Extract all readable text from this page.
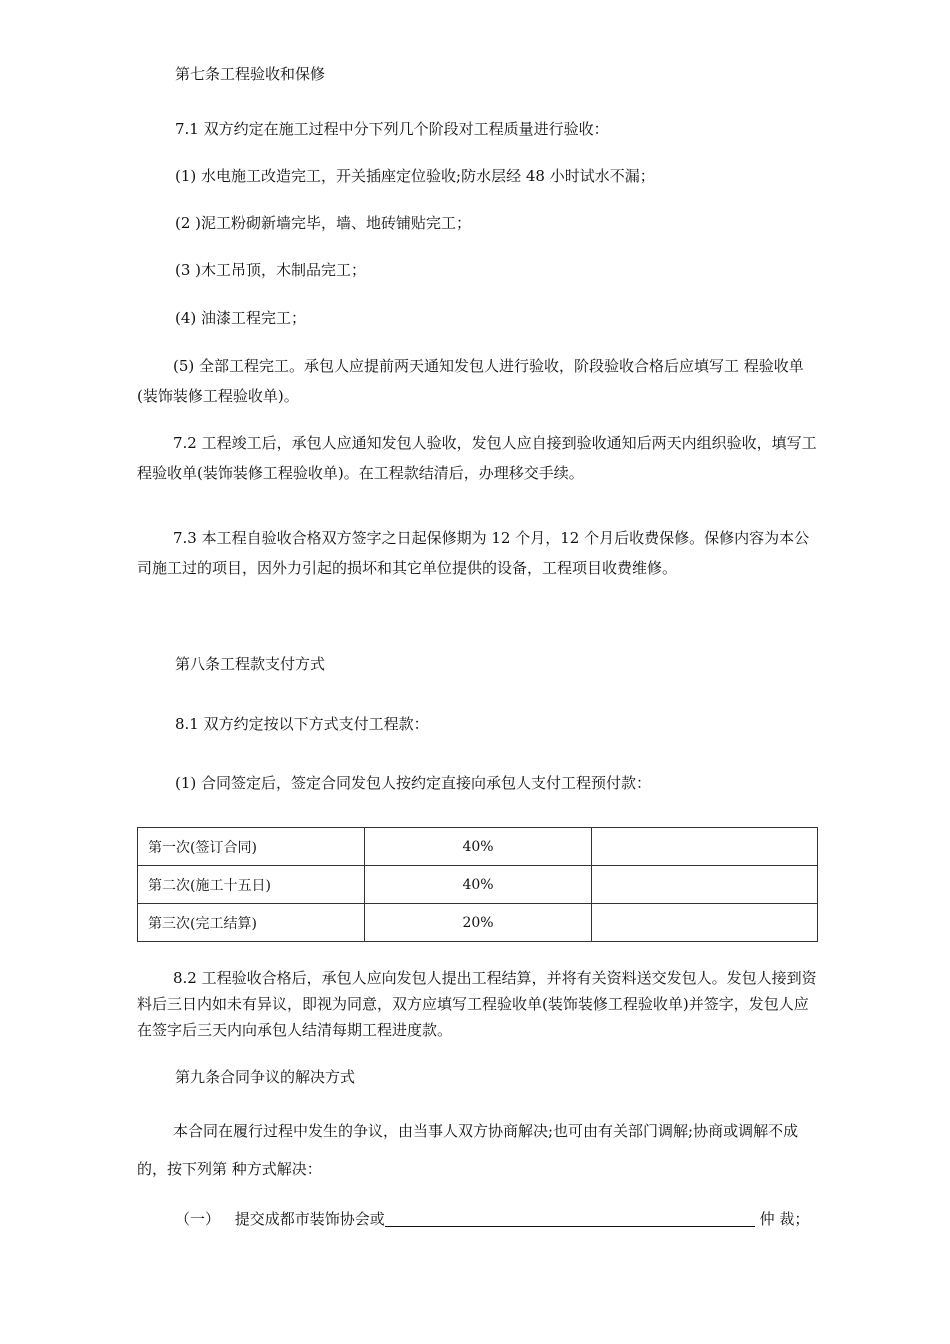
第七条工程验收和保修
7.1 双方约定在施工过程中分下列几个阶段对工程质量进行验收：
(1) 水电施工改造完工，开关插座定位验收;防水层经 48 小时试水不漏；
(2 )泥工粉砌新墙完毕，墙、地砖铺贴完工；
(3 )木工吊顶，木制品完工；
(4) 油漆工程完工；
(5) 全部工程完工。承包人应提前两天通知发包人进行验收，阶段验收合格后应填写工 程验收单(装饰装修工程验收单)。
7.2 工程竣工后，承包人应通知发包人验收，发包人应自接到验收通知后两天内组织验收，填写工程验收单(装饰装修工程验收单)。在工程款结清后，办理移交手续。
7.3 本工程自验收合格双方签字之日起保修期为 12 个月，12 个月后收费保修。保修内容为本公司施工过的项目，因外力引起的损坏和其它单位提供的设备，工程项目收费维修。
第八条工程款支付方式
8.1 双方约定按以下方式支付工程款：
(1) 合同签定后，签定合同发包人按约定直接向承包人支付工程预付款：
第一次(签订合同)	40%	
第二次(施工十五日)	40%	
第三次(完工结算)	20%	
8.2 工程验收合格后，承包人应向发包人提出工程结算，并将有关资料送交发包人。发包人接到资料后三日内如未有异议，即视为同意，双方应填写工程验收单(装饰装修工程验收单)并签字，发包人应在签字后三天内向承包人结清每期工程进度款。
第九条合同争议的解决方式
本合同在履行过程中发生的争议，由当事人双方协商解决;也可由有关部门调解;协商或调解不成的，按下列第 种方式解决：
（一） 提交成都市装饰协会或	仲 裁；
